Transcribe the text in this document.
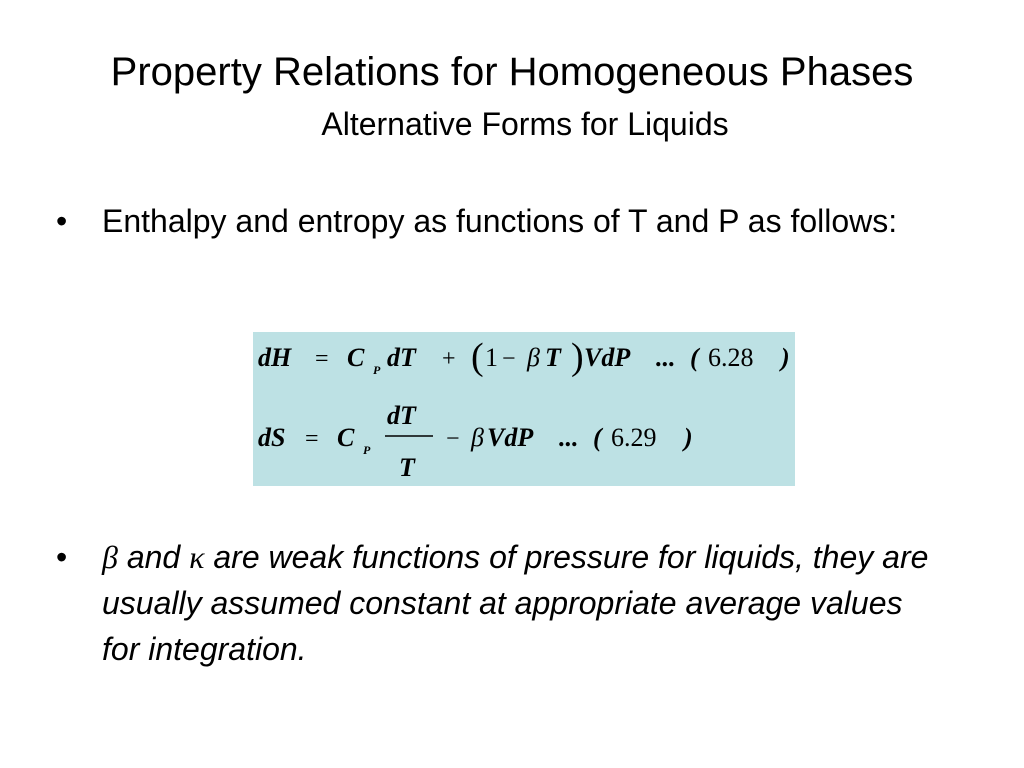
Property Relations for Homogeneous Phases
Alternative Forms for Liquids
•	Enthalpy and entropy as functions of T and P as follows:
dH = C P dT + ( 1 − β T ) VdP ... ( 6.28 )
dS = C P
dT
T
− β VdP ... ( 6.29 )
•	β and κ are weak functions of pressure for liquids, they are usually assumed constant at appropriate average values for integration.
